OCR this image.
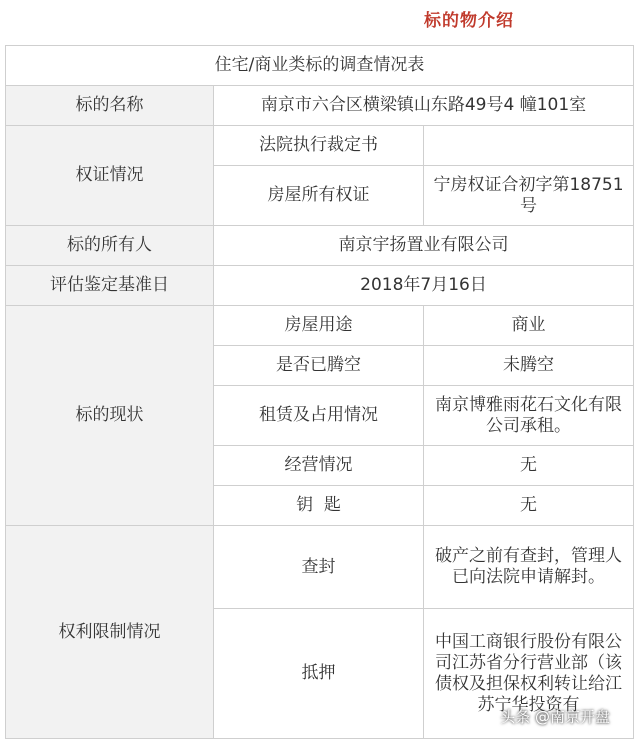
标的物介绍
住宅/商业类标的调查情况表		
标的名称	南京市六合区横梁镇山东路49号4 幢101室	
权证情况	法院执行裁定书	
	房屋所有权证	宁房权证合初字第18751号
标的所有人	南京宇扬置业有限公司	
评估鉴定基准日	2018年7月16日	
标的现状	房屋用途	商业
	是否已腾空	未腾空
	租赁及占用情况	南京博雅雨花石文化有限公司承租。
	经营情况	无
	钥  匙	无
权利限制情况	查封	破产之前有查封，管理人已向法院申请解封。
	抵押	中国工商银行股份有限公司江苏省分行营业部（该债权及担保权利转让给江苏宁华投资有
头条 @南京开盘
